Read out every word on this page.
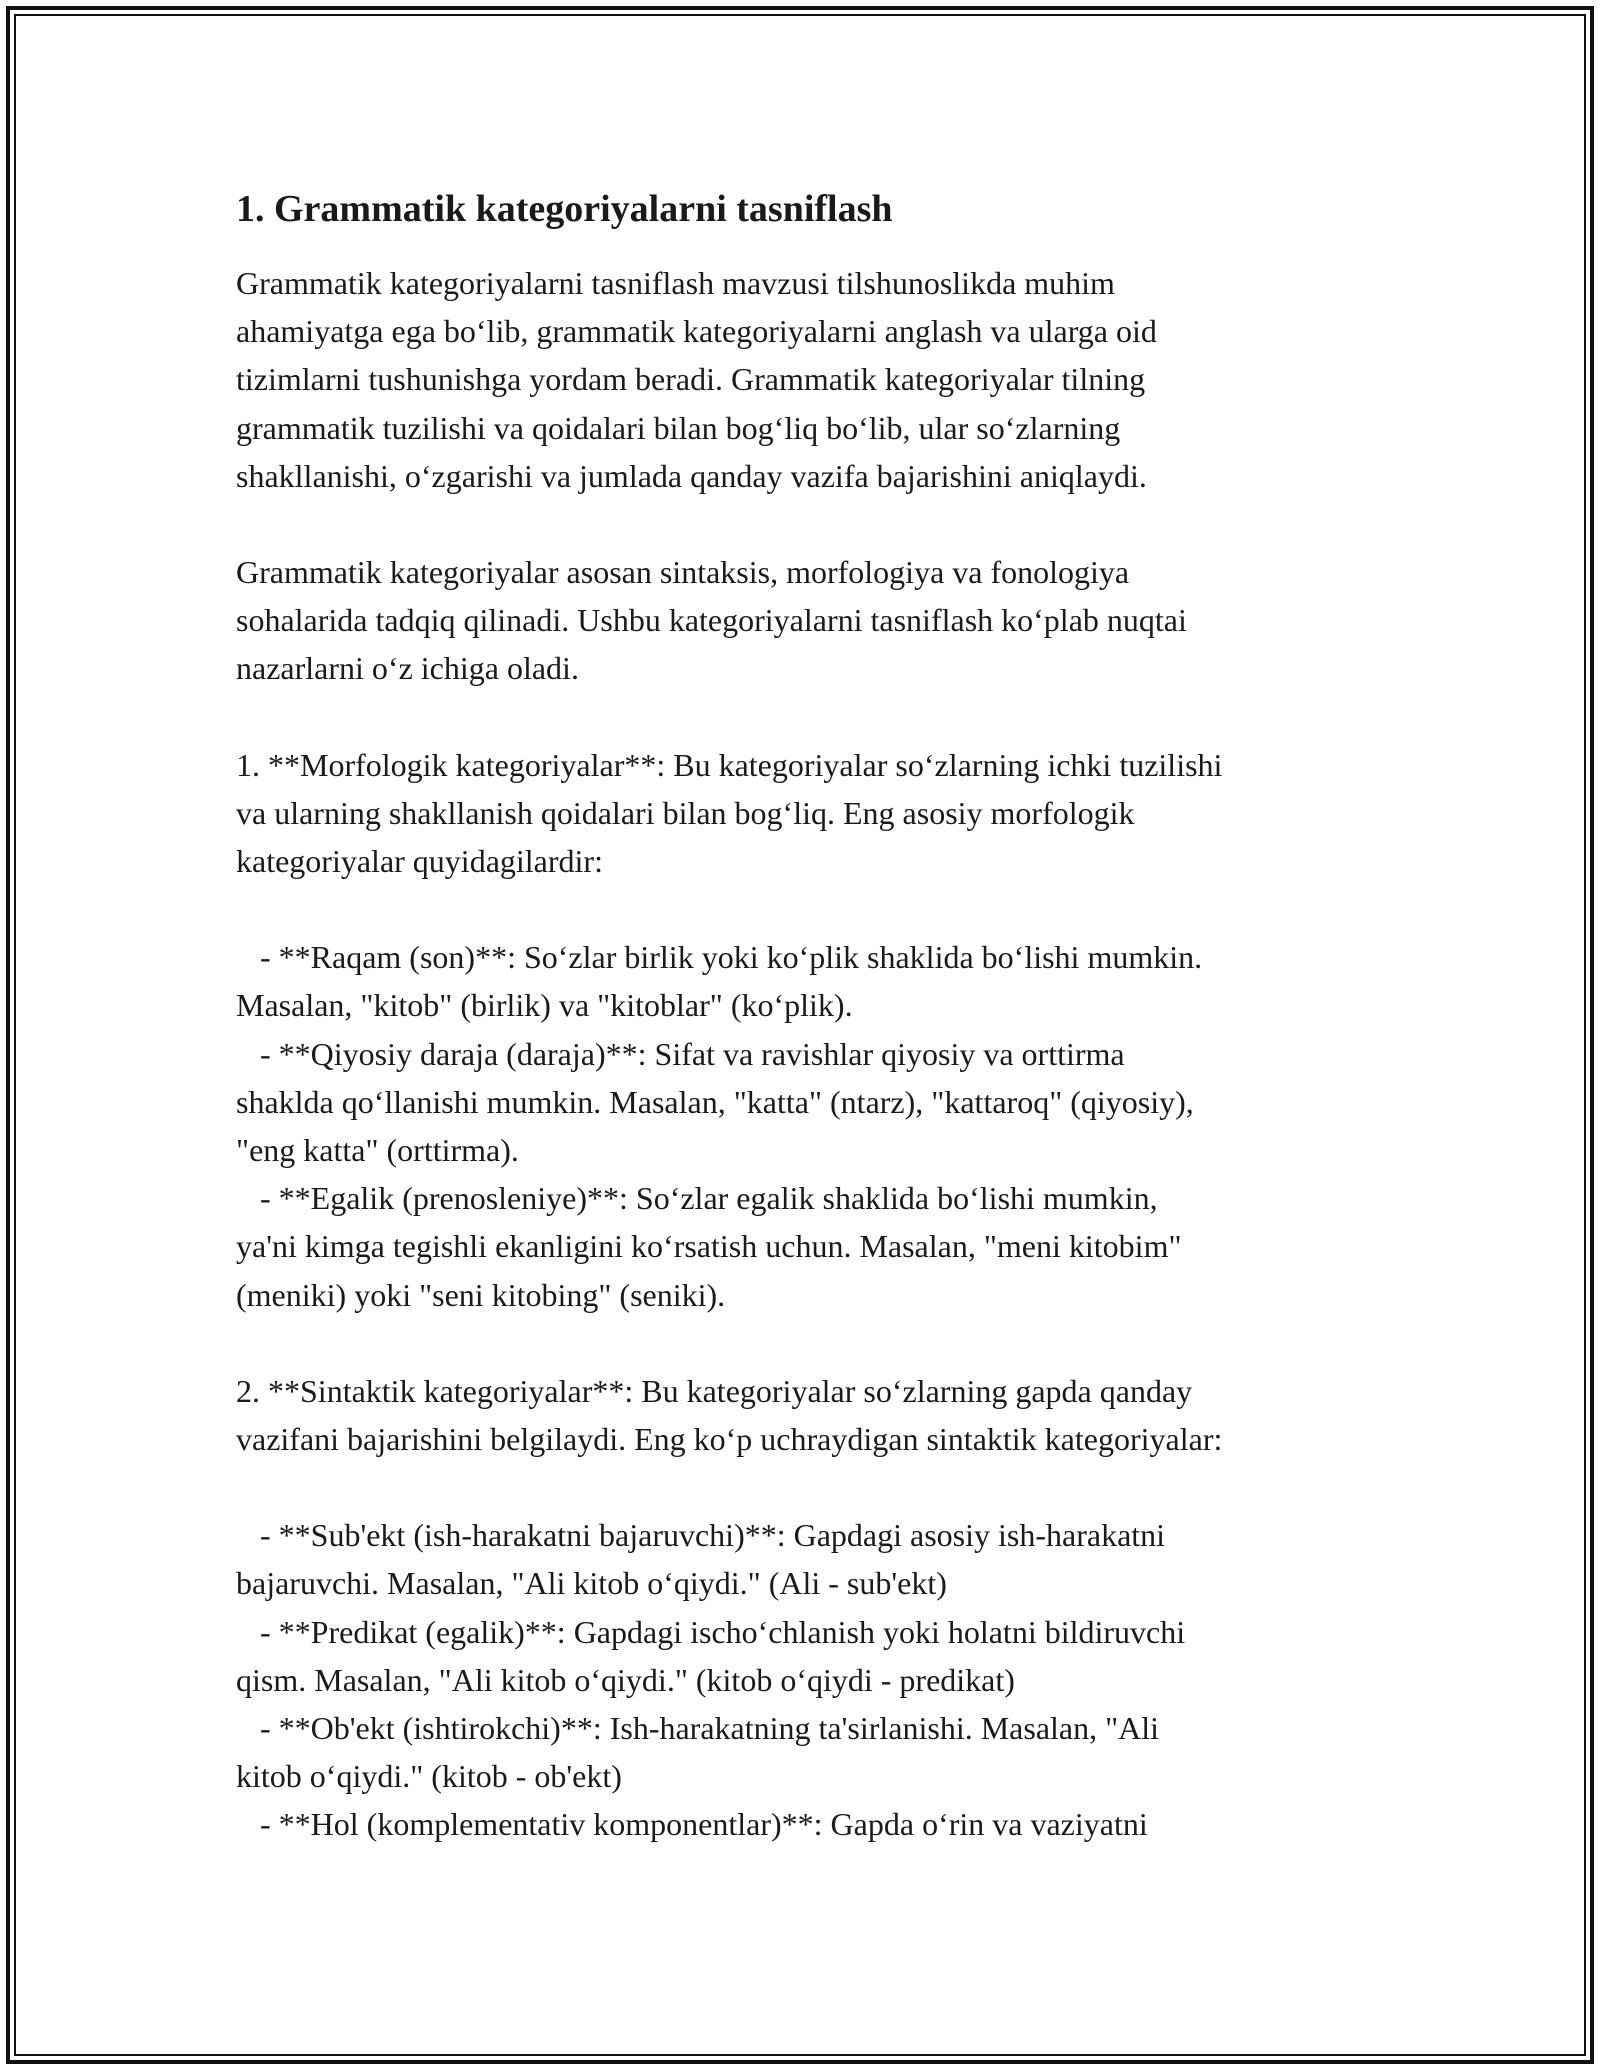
1. Grammatik kategoriyalarni tasniflash

Grammatik kategoriyalarni tasniflash mavzusi tilshunoslikda muhim
ahamiyatga ega bo‘lib, grammatik kategoriyalarni anglash va ularga oid
tizimlarni tushunishga yordam beradi. Grammatik kategoriyalar tilning
grammatik tuzilishi va qoidalari bilan bog‘liq bo‘lib, ular so‘zlarning
shakllanishi, o‘zgarishi va jumlada qanday vazifa bajarishini aniqlaydi.

Grammatik kategoriyalar asosan sintaksis, morfologiya va fonologiya
sohalarida tadqiq qilinadi. Ushbu kategoriyalarni tasniflash ko‘plab nuqtai
nazarlarni o‘z ichiga oladi.

1. **Morfologik kategoriyalar**: Bu kategoriyalar so‘zlarning ichki tuzilishi
va ularning shakllanish qoidalari bilan bog‘liq. Eng asosiy morfologik
kategoriyalar quyidagilardir:

- **Raqam (son)**: So‘zlar birlik yoki ko‘plik shaklida bo‘lishi mumkin.
Masalan, "kitob" (birlik) va "kitoblar" (ko‘plik).
- **Qiyosiy daraja (daraja)**: Sifat va ravishlar qiyosiy va orttirma
shaklda qo‘llanishi mumkin. Masalan, "katta" (ntarz), "kattaroq" (qiyosiy),
"eng katta" (orttirma).
- **Egalik (prenosleniye)**: So‘zlar egalik shaklida bo‘lishi mumkin,
ya'ni kimga tegishli ekanligini ko‘rsatish uchun. Masalan, "meni kitobim"
(meniki) yoki "seni kitobing" (seniki).

2. **Sintaktik kategoriyalar**: Bu kategoriyalar so‘zlarning gapda qanday
vazifani bajarishini belgilaydi. Eng ko‘p uchraydigan sintaktik kategoriyalar:

- **Sub'ekt (ish-harakatni bajaruvchi)**: Gapdagi asosiy ish-harakatni
bajaruvchi. Masalan, "Ali kitob o‘qiydi." (Ali - sub'ekt)
- **Predikat (egalik)**: Gapdagi ischo‘chlanish yoki holatni bildiruvchi
qism. Masalan, "Ali kitob o‘qiydi." (kitob o‘qiydi - predikat)
- **Ob'ekt (ishtirokchi)**: Ish-harakatning ta'sirlanishi. Masalan, "Ali
kitob o‘qiydi." (kitob - ob'ekt)
- **Hol (komplementativ komponentlar)**: Gapda o‘rin va vaziyatni
